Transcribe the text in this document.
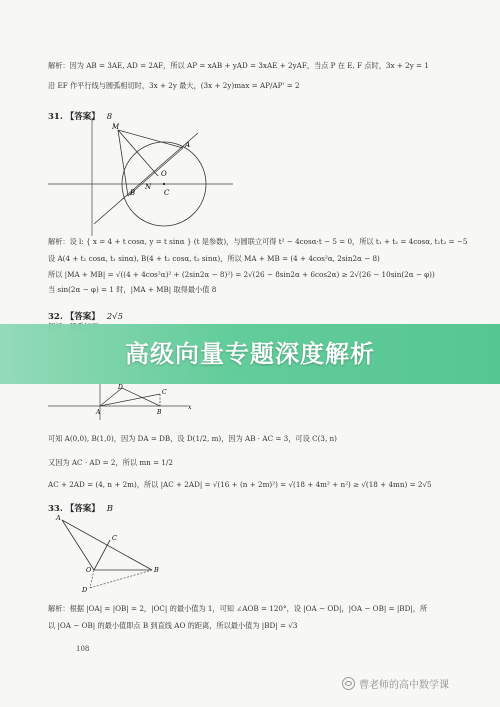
解析：因为 AB = 3AE, AD = 2AF，所以 AP = xAB + yAD = 3xAE + 2yAF，当点 P 在 E, F 点时，3x + 2y = 1
沿 EF 作平行线与圆弧相切时，3x + 2y 最大，(3x + 2y)max = AP/AP' = 2
31. 【答案】 8
M
A
O
B
N
C
解析：设 l: { x = 4 + t cosα, y = t sinα } (t 是参数)，与圆联立可得 t² − 4cosα·t − 5 = 0，所以 t₁ + t₂ = 4cosα, t₁t₂ = −5
设 A(4 + t₁ cosα, t₁ sinα), B(4 + t₂ cosα, t₂ sinα)，所以 MA + MB = (4 + 4cos²α, 2sin2α − 8)
所以 |MA + MB| = √((4 + 4cos²α)² + (2sin2α − 8)²) = 2√(26 − 8sin2α + 6cos2α) ≥ 2√(26 − 10sin(2α − φ))
当 sin(2α − φ) = 1 时，|MA + MB| 取得最小值 8
32. 【答案】 2√5
高级向量专题深度解析
A	B
C
D
x
可知 A(0,0), B(1,0)，因为 DA = DB，设 D(1/2, m)，因为 AB · AC = 3，可设 C(3, n)
又因为 AC · AD = 2，所以 mn = 1/2
AC + 2AD = (4, n + 2m)，所以 |AC + 2AD| = √(16 + (n + 2m)²) = √(18 + 4m² + n²) ≥ √(18 + 4mn) = 2√5
33. 【答案】 B
A
C
D
O	B
解析：根据 |OA| = |OB| = 2，|OC| 的最小值为 1，可知 ∠AOB = 120°，设 |OA − OD|，|OA − OB| = |BD|，所
以 |OA − OB| 的最小值即点 B 到直线 AO 的距离，所以最小值为 |BD| = √3
108
曹老师的高中数学课
